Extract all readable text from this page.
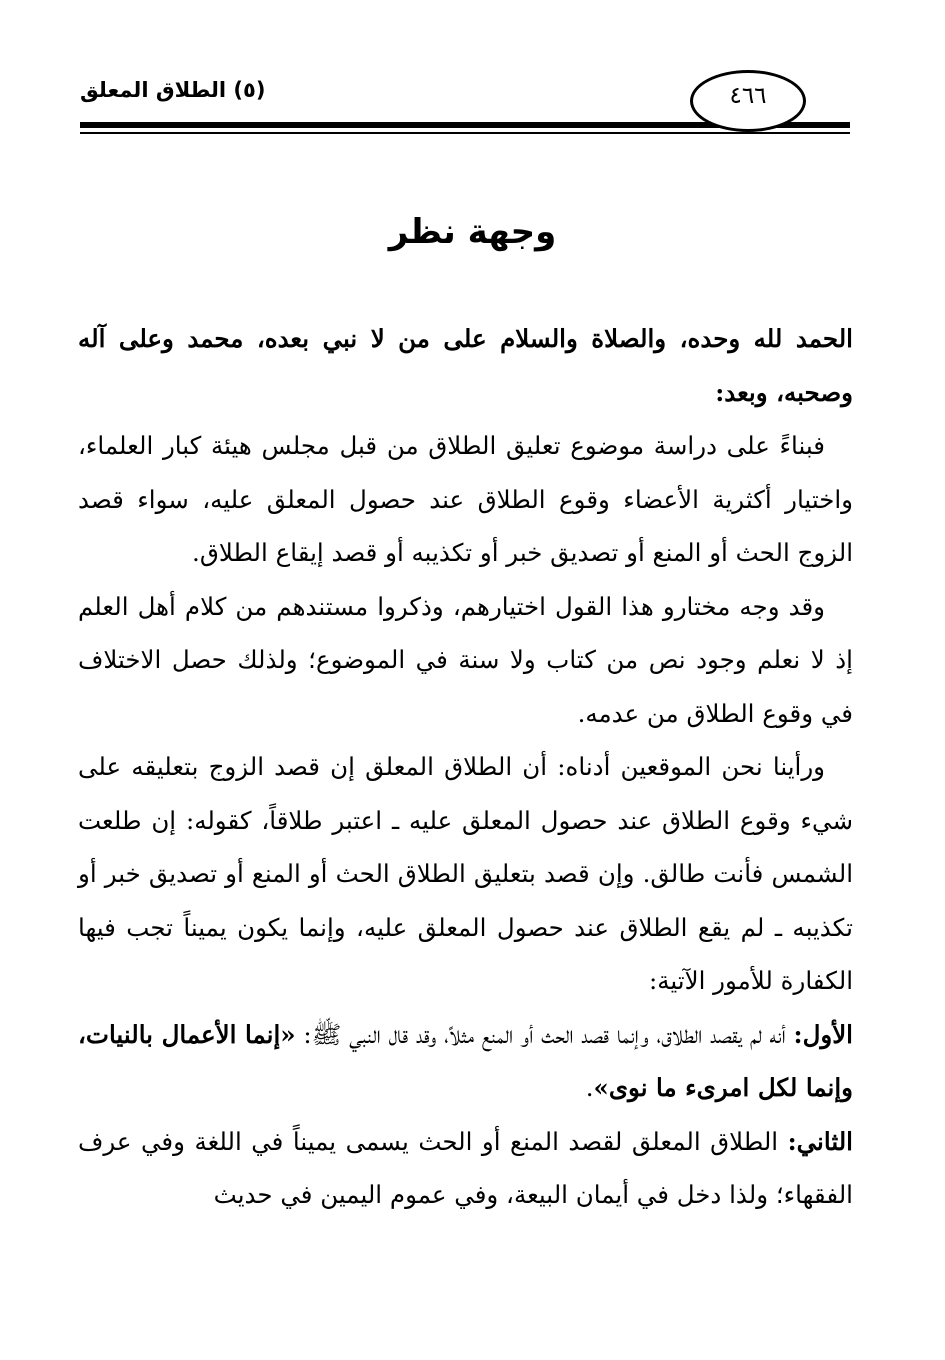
(٥) الطلاق المعلق	٤٦٦
وجهة نظر

الحمد لله وحده، والصلاة والسلام على من لا نبي بعده، محمد وعلى آله وصحبه، وبعد:

فبناءً على دراسة موضوع تعليق الطلاق من قبل مجلس هيئة كبار العلماء، واختيار أكثرية الأعضاء وقوع الطلاق عند حصول المعلق عليه، سواء قصد الزوج الحث أو المنع أو تصديق خبر أو تكذيبه أو قصد إيقاع الطلاق.

وقد وجه مختارو هذا القول اختيارهم، وذكروا مستندهم من كلام أهل العلم إذ لا نعلم وجود نص من كتاب ولا سنة في الموضوع؛ ولذلك حصل الاختلاف في وقوع الطلاق من عدمه.

ورأينا نحن الموقعين أدناه: أن الطلاق المعلق إن قصد الزوج بتعليقه على شيء وقوع الطلاق عند حصول المعلق عليه ـ اعتبر طلاقاً، كقوله: إن طلعت الشمس فأنت طالق. وإن قصد بتعليق الطلاق الحث أو المنع أو تصديق خبر أو تكذيبه ـ لم يقع الطلاق عند حصول المعلق عليه، وإنما يكون يميناً تجب فيها الكفارة للأمور الآتية:

الأول: أنه لم يقصد الطلاق، وإنما قصد الحث أو المنع مثلاً، وقد قال النبي ﷺ: «إنما الأعمال بالنيات، وإنما لكل امرىء ما نوى».

الثاني: الطلاق المعلق لقصد المنع أو الحث يسمى يميناً في اللغة وفي عرف الفقهاء؛ ولذا دخل في أيمان البيعة، وفي عموم اليمين في حديث
